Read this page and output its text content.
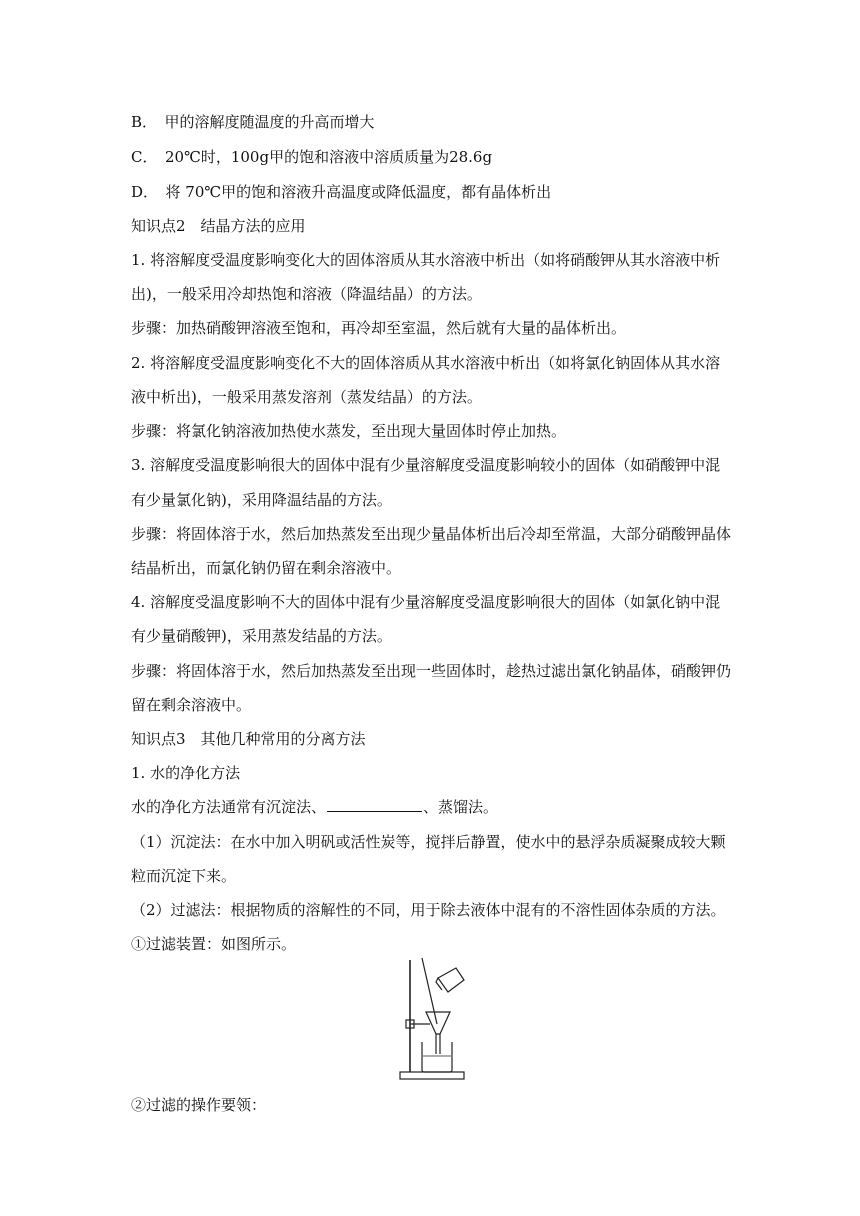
B．　甲的溶解度随温度的升高而增大
C．　20℃时，100g甲的饱和溶液中溶质质量为28.6g
D．　将 70℃甲的饱和溶液升高温度或降低温度，都有晶体析出
知识点2　结晶方法的应用
1. 将溶解度受温度影响变化大的固体溶质从其水溶液中析出（如将硝酸钾从其水溶液中析
出)，一般采用冷却热饱和溶液（降温结晶）的方法。
步骤：加热硝酸钾溶液至饱和，再冷却至室温，然后就有大量的晶体析出。
2. 将溶解度受温度影响变化不大的固体溶质从其水溶液中析出（如将氯化钠固体从其水溶
液中析出)，一般采用蒸发溶剂（蒸发结晶）的方法。
步骤：将氯化钠溶液加热使水蒸发，至出现大量固体时停止加热。
3. 溶解度受温度影响很大的固体中混有少量溶解度受温度影响较小的固体（如硝酸钾中混
有少量氯化钠)，采用降温结晶的方法。
步骤：将固体溶于水，然后加热蒸发至出现少量晶体析出后冷却至常温，大部分硝酸钾晶体
结晶析出，而氯化钠仍留在剩余溶液中。
4. 溶解度受温度影响不大的固体中混有少量溶解度受温度影响很大的固体（如氯化钠中混
有少量硝酸钾)，采用蒸发结晶的方法。
步骤：将固体溶于水，然后加热蒸发至出现一些固体时，趁热过滤出氯化钠晶体，硝酸钾仍
留在剩余溶液中。
知识点3　其他几种常用的分离方法
1. 水的净化方法
水的净化方法通常有沉淀法、	、蒸馏法。
（1）沉淀法：在水中加入明矾或活性炭等，搅拌后静置，使水中的悬浮杂质凝聚成较大颗
粒而沉淀下来。
（2）过滤法：根据物质的溶解性的不同，用于除去液体中混有的不溶性固体杂质的方法。
①过滤装置：如图所示。
②过滤的操作要领：
